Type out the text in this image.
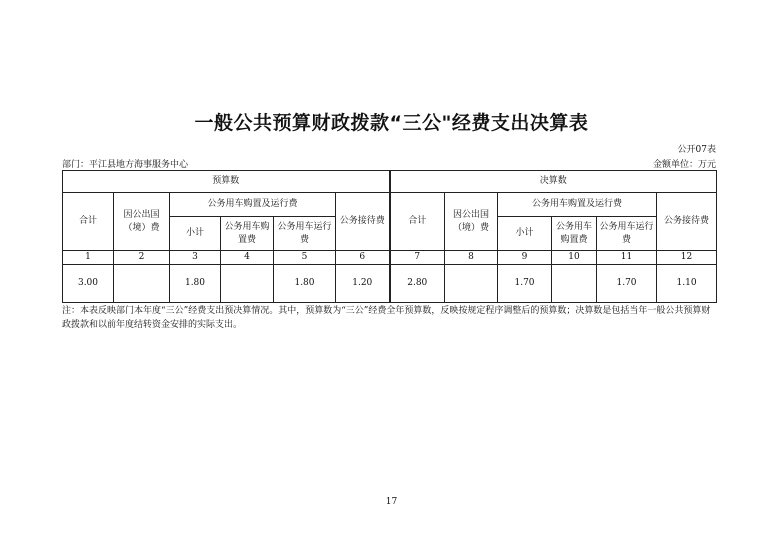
一般公共预算财政拨款“三公"经费支出决算表
公开07表
部门：平江县地方海事服务中心	金额单位：万元
预算数						决算数					
合计	因公出国（境）费	公务用车购置及运行费			公务接待费	合计	因公出国（境）费	公务用车购置及运行费			公务接待费
		小计	公务用车购置费	公务用车运行费				小计	公务用车购置费	公务用车运行费	
1	2	3	4	5	6	7	8	9	10	11	12
3.00		1.80		1.80	1.20	2.80		1.70		1.70	1.10
注：本表反映部门本年度“三公”经费支出预决算情况。其中，预算数为“三公”经费全年预算数，反映按规定程序调整后的预算数；决算数是包括当年一般公共预算财政拨款和以前年度结转资金安排的实际支出。
17
